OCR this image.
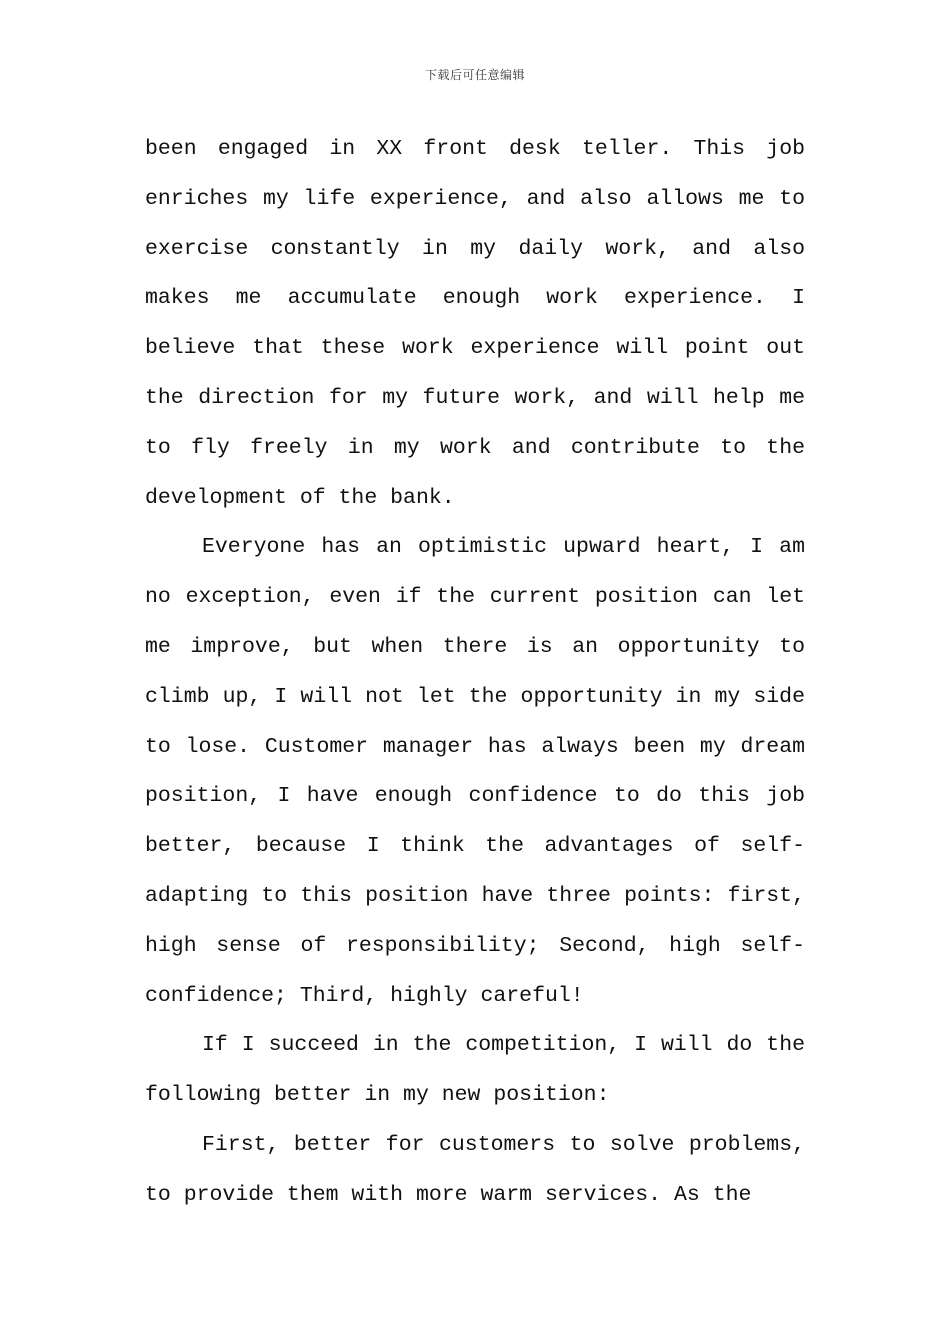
下载后可任意编辑

been engaged in XX front desk teller. This job enriches my life experience, and also allows me to exercise constantly in my daily work, and also makes me accumulate enough work experience. I believe that these work experience will point out the direction for my future work, and will help me to fly freely in my work and contribute to the development of the bank.

Everyone has an optimistic upward heart, I am no exception, even if the current position can let me improve, but when there is an opportunity to climb up, I will not let the opportunity in my side to lose. Customer manager has always been my dream position, I have enough confidence to do this job better, because I think the advantages of self-adapting to this position have three points: first, high sense of responsibility; Second, high self-confidence; Third, highly careful!

If I succeed in the competition, I will do the following better in my new position:

First, better for customers to solve problems, to provide them with more warm services. As the
